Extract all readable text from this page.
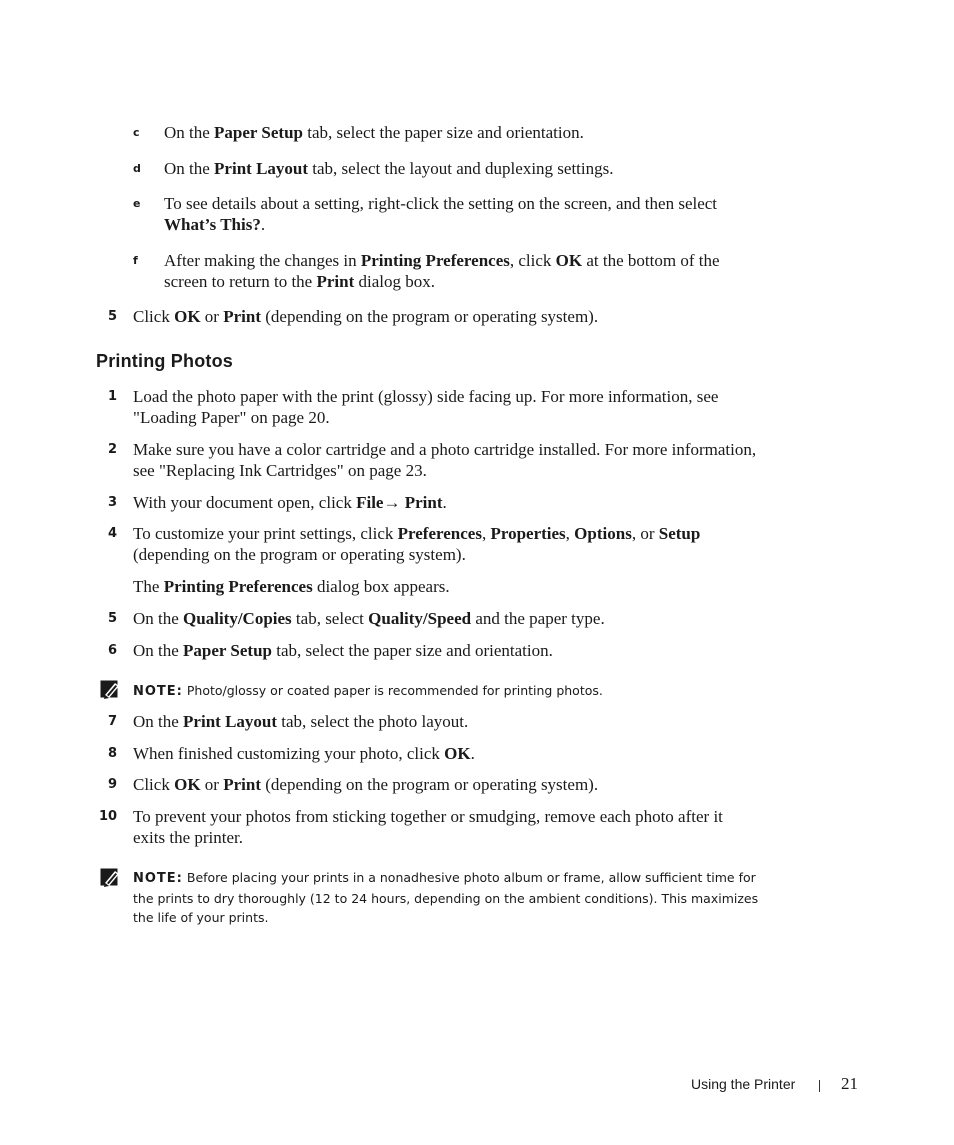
c On the Paper Setup tab, select the paper size and orientation.
d On the Print Layout tab, select the layout and duplexing settings.
e To see details about a setting, right-click the setting on the screen, and then select
What’s This?.
f After making the changes in Printing Preferences, click OK at the bottom of the
screen to return to the Print dialog box.
5 Click OK or Print (depending on the program or operating system).
Printing Photos
1 Load the photo paper with the print (glossy) side facing up. For more information, see
"Loading Paper" on page 20.
2 Make sure you have a color cartridge and a photo cartridge installed. For more information,
see "Replacing Ink Cartridges" on page 23.
3 With your document open, click File→ Print.
4 To customize your print settings, click Preferences, Properties, Options, or Setup
(depending on the program or operating system).
The Printing Preferences dialog box appears.
5 On the Quality/Copies tab, select Quality/Speed and the paper type.
6 On the Paper Setup tab, select the paper size and orientation.
NOTE: Photo/glossy or coated paper is recommended for printing photos.
7 On the Print Layout tab, select the photo layout.
8 When finished customizing your photo, click OK.
9 Click OK or Print (depending on the program or operating system).
10 To prevent your photos from sticking together or smudging, remove each photo after it
exits the printer.
NOTE: Before placing your prints in a nonadhesive photo album or frame, allow sufficient time for
the prints to dry thoroughly (12 to 24 hours, depending on the ambient conditions). This maximizes
the life of your prints.
Using the Printer	21
